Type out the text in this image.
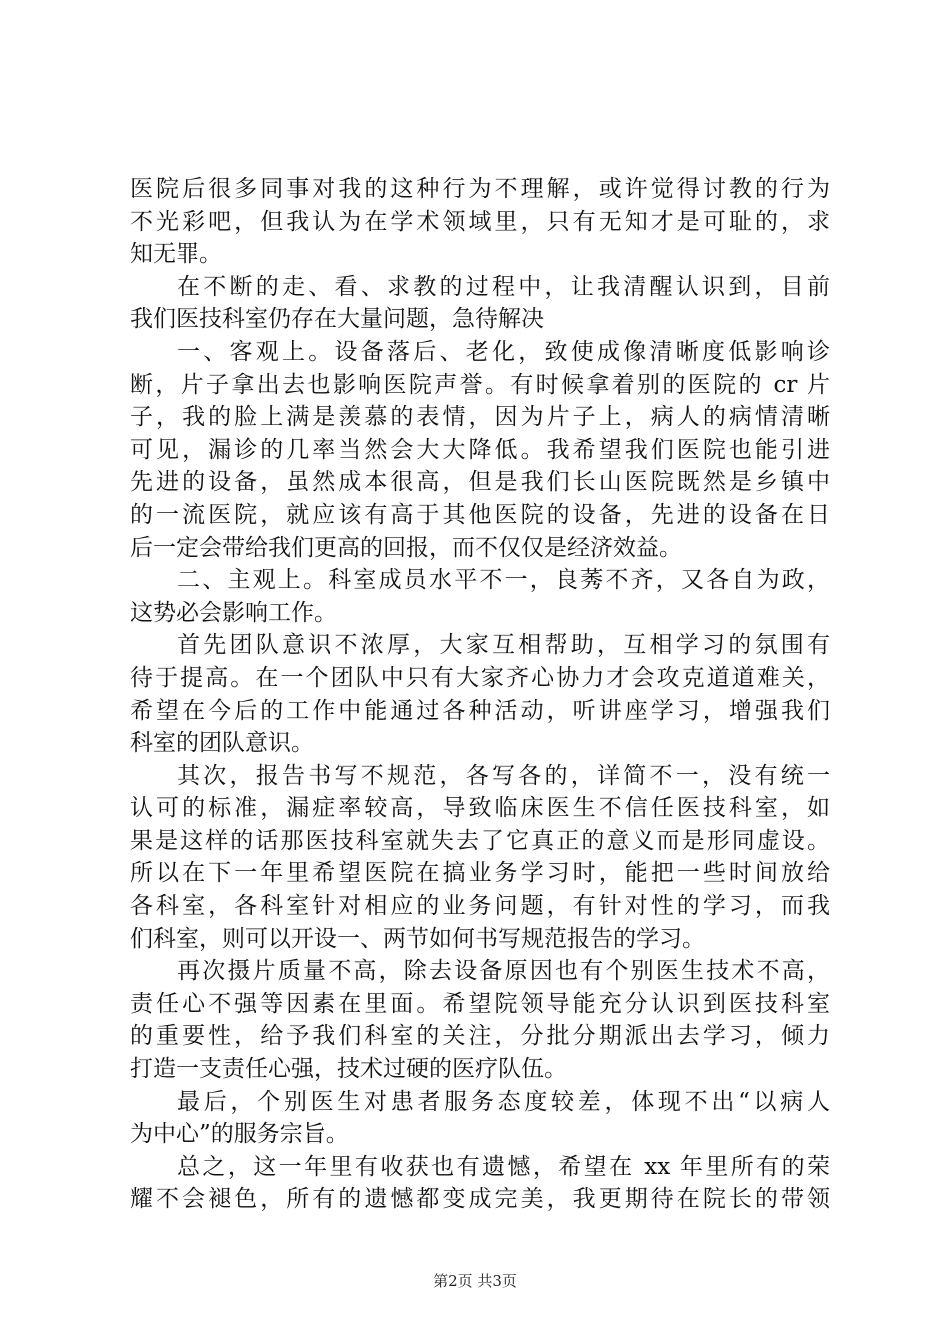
医院后很多同事对我的这种行为不理解，或许觉得讨教的行为
不光彩吧，但我认为在学术领域里，只有无知才是可耻的，求
知无罪。
在不断的走、看、求教的过程中，让我清醒认识到，目前
我们医技科室仍存在大量问题，急待解决
一、客观上。设备落后、老化，致使成像清晰度低影响诊
断，片子拿出去也影响医院声誉。有时候拿着别的医院的 cr 片
子，我的脸上满是羡慕的表情，因为片子上，病人的病情清晰
可见，漏诊的几率当然会大大降低。我希望我们医院也能引进
先进的设备，虽然成本很高，但是我们长山医院既然是乡镇中
的一流医院，就应该有高于其他医院的设备，先进的设备在日
后一定会带给我们更高的回报，而不仅仅是经济效益。
二、主观上。科室成员水平不一，良莠不齐，又各自为政，
这势必会影响工作。
首先团队意识不浓厚，大家互相帮助，互相学习的氛围有
待于提高。在一个团队中只有大家齐心协力才会攻克道道难关，
希望在今后的工作中能通过各种活动，听讲座学习，增强我们
科室的团队意识。
其次，报告书写不规范，各写各的，详简不一，没有统一
认可的标准，漏症率较高，导致临床医生不信任医技科室，如
果是这样的话那医技科室就失去了它真正的意义而是形同虚设。
所以在下一年里希望医院在搞业务学习时，能把一些时间放给
各科室，各科室针对相应的业务问题，有针对性的学习，而我
们科室，则可以开设一、两节如何书写规范报告的学习。
再次摄片质量不高，除去设备原因也有个别医生技术不高，
责任心不强等因素在里面。希望院领导能充分认识到医技科室
的重要性，给予我们科室的关注，分批分期派出去学习，倾力
打造一支责任心强，技术过硬的医疗队伍。
最后，个别医生对患者服务态度较差，体现不出“以病人
为中心”的服务宗旨。
总之，这一年里有收获也有遗憾，希望在 xx 年里所有的荣
耀不会褪色，所有的遗憾都变成完美，我更期待在院长的带领
第2页 共3页
